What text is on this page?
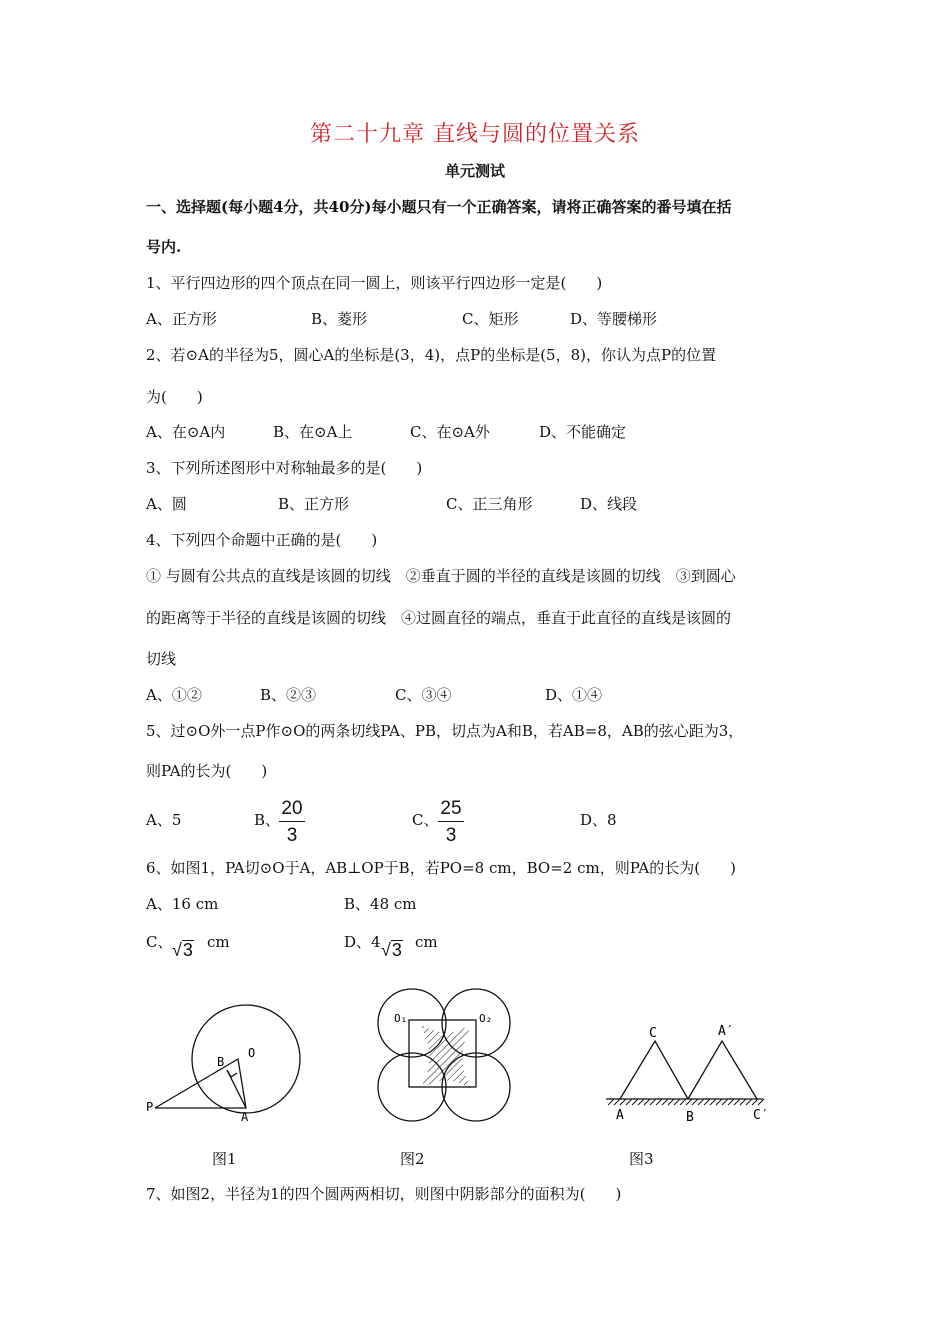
第二十九章 直线与圆的位置关系
单元测试
一、选择题(每小题4分，共40分)每小题只有一个正确答案，请将正确答案的番号填在括
号内.
1、平行四边形的四个顶点在同一圆上，则该平行四边形一定是(　　)
A、正方形	B、菱形	C、矩形	D、等腰梯形
2、若⊙A的半径为5，圆心A的坐标是(3，4)，点P的坐标是(5，8)，你认为点P的位置
为(　　)
A、在⊙A内	B、在⊙A上	C、在⊙A外	D、不能确定
3、下列所述图形中对称轴最多的是(　　)
A、圆	B、正方形	C、正三角形	D、线段
4、下列四个命题中正确的是(　　)
① 与圆有公共点的直线是该圆的切线　②垂直于圆的半径的直线是该圆的切线　③到圆心
的距离等于半径的直线是该圆的切线　④过圆直径的端点，垂直于此直径的直线是该圆的
切线
A、①②	B、②③	C、③④	D、①④
5、过⊙O外一点P作⊙O的两条切线PA、PB，切点为A和B，若AB=8，AB的弦心距为3，
则PA的长为(　　)
A、5	B、
20
3
C、
25
3
D、8
6、如图1，PA切⊙O于A，AB⊥OP于B，若PO=8 cm，BO=2 cm，则PA的长为(　　)
A、16 cm	B、48 cm
C、 √3 cm	D、4 √3 cm
B
O
P
A
O₁	O₂
C	A′
A	B	C′
图1	图2	图3
7、如图2，半径为1的四个圆两两相切，则图中阴影部分的面积为(　　)
